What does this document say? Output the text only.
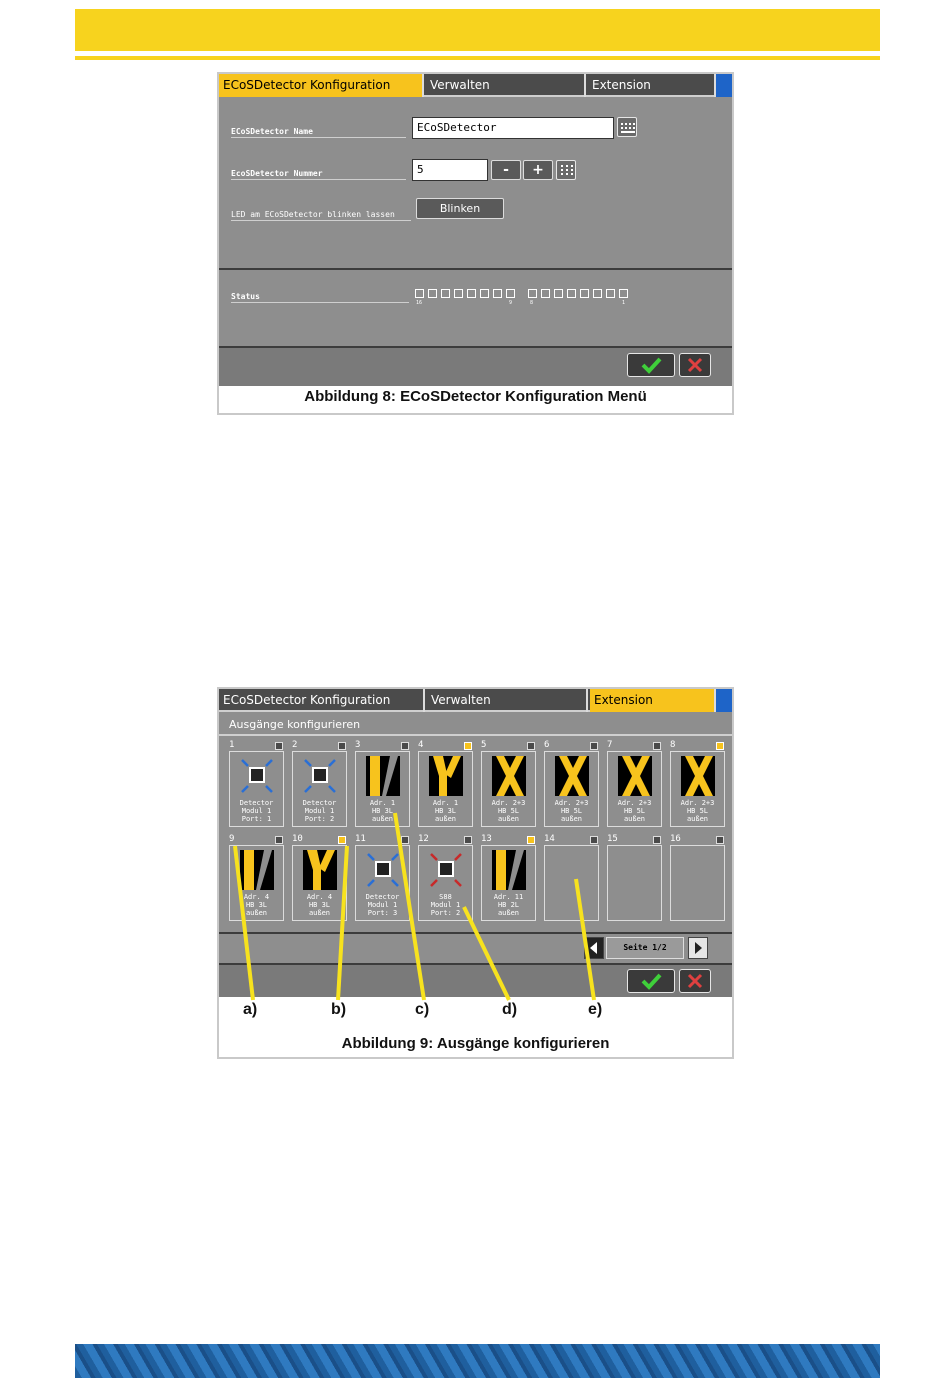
ECoSDetector Konfiguration	Verwalten	Extension
ECoSDetector Name	ECoSDetector
EcoSDetector Nummer	5	-	+
LED am ECoSDetector blinken lassen	Blinken
Status
16	9	8	1
Abbildung 8: ECoSDetector Konfiguration Menü
ECoSDetector Konfiguration	Verwalten	Extension
Ausgänge konfigurieren
1
Detector
Modul 1
Port: 1
2
Detector
Modul 1
Port: 2
3
Adr. 1
HB 3L
außen
4
Adr. 1
HB 3L
außen
5
Adr. 2+3
HB 5L
außen
6
Adr. 2+3
HB 5L
außen
7
Adr. 2+3
HB 5L
außen
8
Adr. 2+3
HB 5L
außen
9
Adr. 4
HB 3L
außen
10
Adr. 4
HB 3L
außen
11
Detector
Modul 1
Port: 3
12
S88
Modul 1
Port: 2
13
Adr. 11
HB 2L
außen
14	15	16
Seite 1/2
a)	b)	c)	d)	e)
Abbildung 9: Ausgänge konfigurieren
